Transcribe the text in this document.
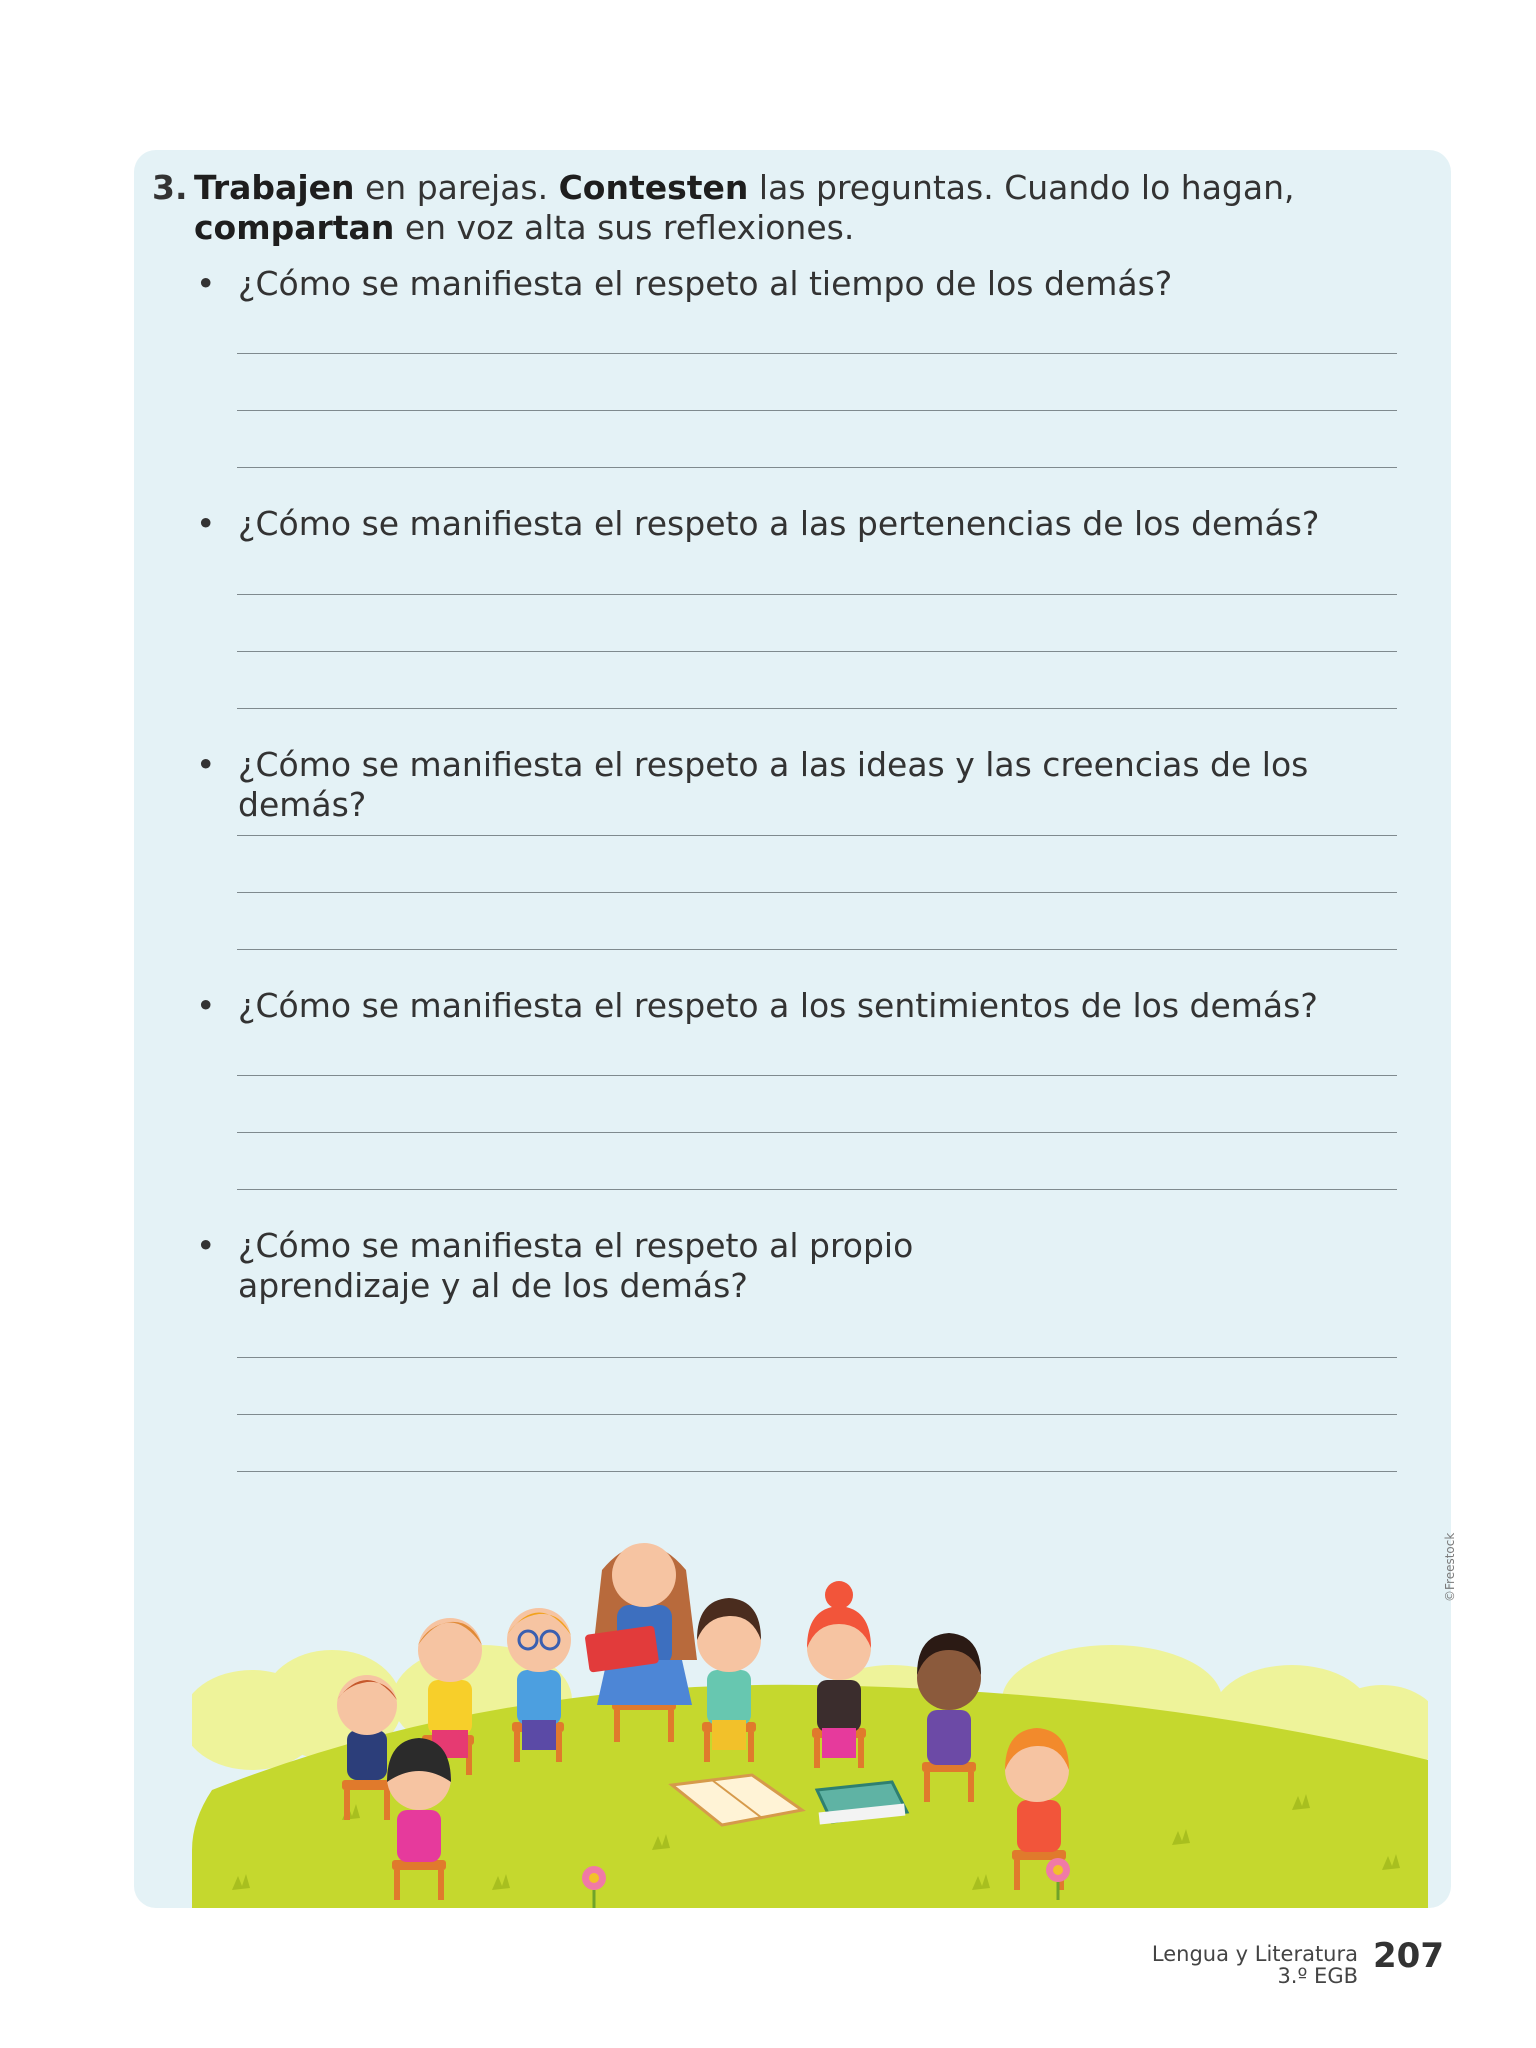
3. Trabajen en parejas. Contesten las preguntas. Cuando lo hagan,
compartan en voz alta sus reflexiones.
• ¿Cómo se manifiesta el respeto al tiempo de los demás?
• ¿Cómo se manifiesta el respeto a las pertenencias de los demás?
• ¿Cómo se manifiesta el respeto a las ideas y las creencias de los demás?
• ¿Cómo se manifiesta el respeto a los sentimientos de los demás?
• ¿Cómo se manifiesta el respeto al propio aprendizaje y al de los demás?
©Freestock
Lengua y Literatura
3.º EGB 207
